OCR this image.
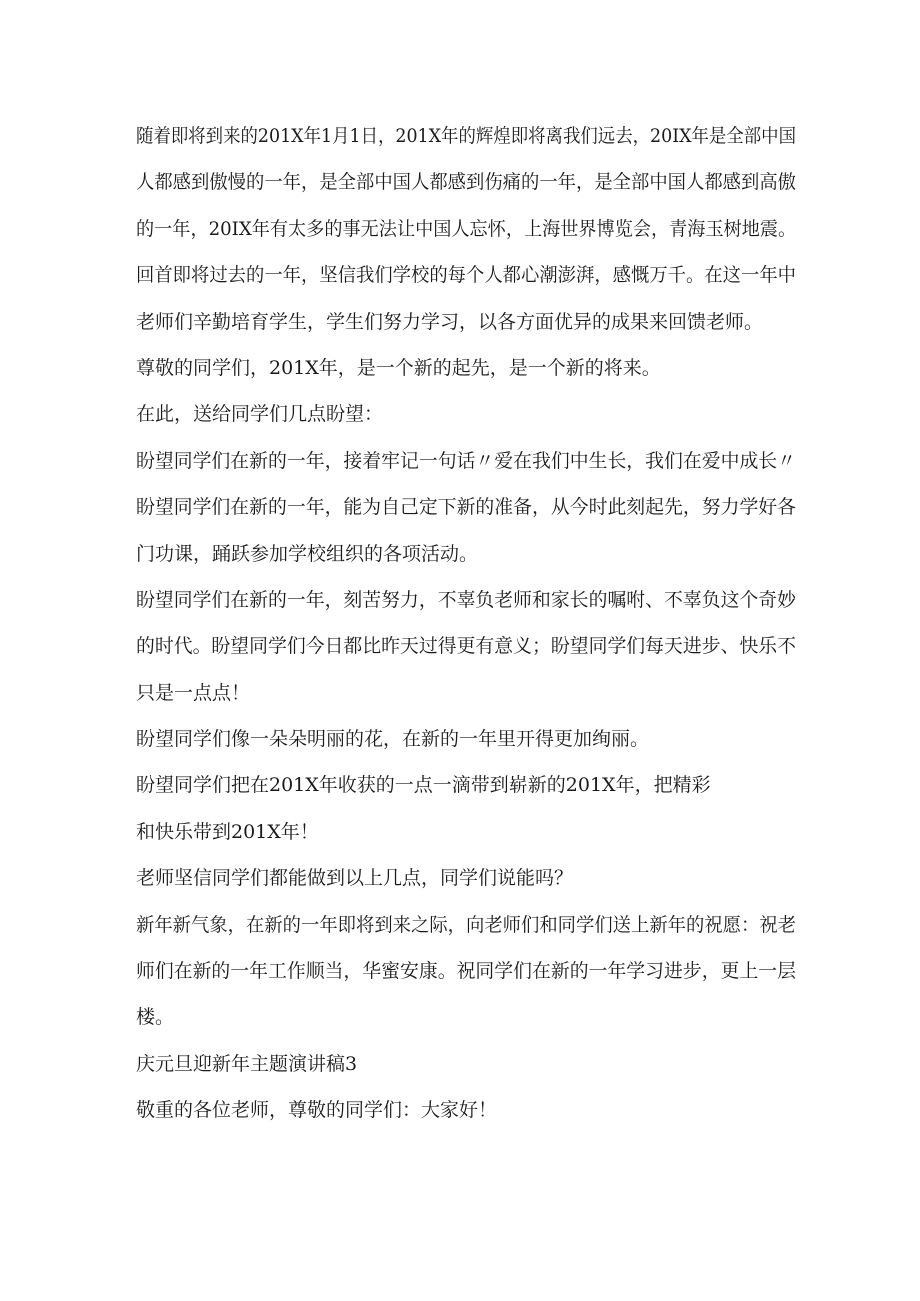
随着即将到来的201X年1月1日，201X年的辉煌即将离我们远去，20IX年是全部中国
人都感到傲慢的一年，是全部中国人都感到伤痛的一年，是全部中国人都感到高傲
的一年，20IX年有太多的事无法让中国人忘怀，上海世界博览会，青海玉树地震。
回首即将过去的一年，坚信我们学校的每个人都心潮澎湃，感慨万千。在这一年中
老师们辛勤培育学生，学生们努力学习，以各方面优异的成果来回馈老师。
尊敬的同学们，201X年，是一个新的起先，是一个新的将来。
在此，送给同学们几点盼望：
盼望同学们在新的一年，接着牢记一句话〃爱在我们中生长，我们在爱中成长〃
盼望同学们在新的一年，能为自己定下新的准备，从今时此刻起先，努力学好各
门功课，踊跃参加学校组织的各项活动。
盼望同学们在新的一年，刻苦努力，不辜负老师和家长的嘱咐、不辜负这个奇妙
的时代。盼望同学们今日都比昨天过得更有意义；盼望同学们每天进步、快乐不
只是一点点！
盼望同学们像一朵朵明丽的花，在新的一年里开得更加绚丽。
盼望同学们把在201X年收获的一点一滴带到崭新的201X年，把精彩
和快乐带到201X年！
老师坚信同学们都能做到以上几点，同学们说能吗？
新年新气象，在新的一年即将到来之际，向老师们和同学们送上新年的祝愿：祝老
师们在新的一年工作顺当，华蜜安康。祝同学们在新的一年学习进步，更上一层
楼。
庆元旦迎新年主题演讲稿3
敬重的各位老师，尊敬的同学们：大家好！
